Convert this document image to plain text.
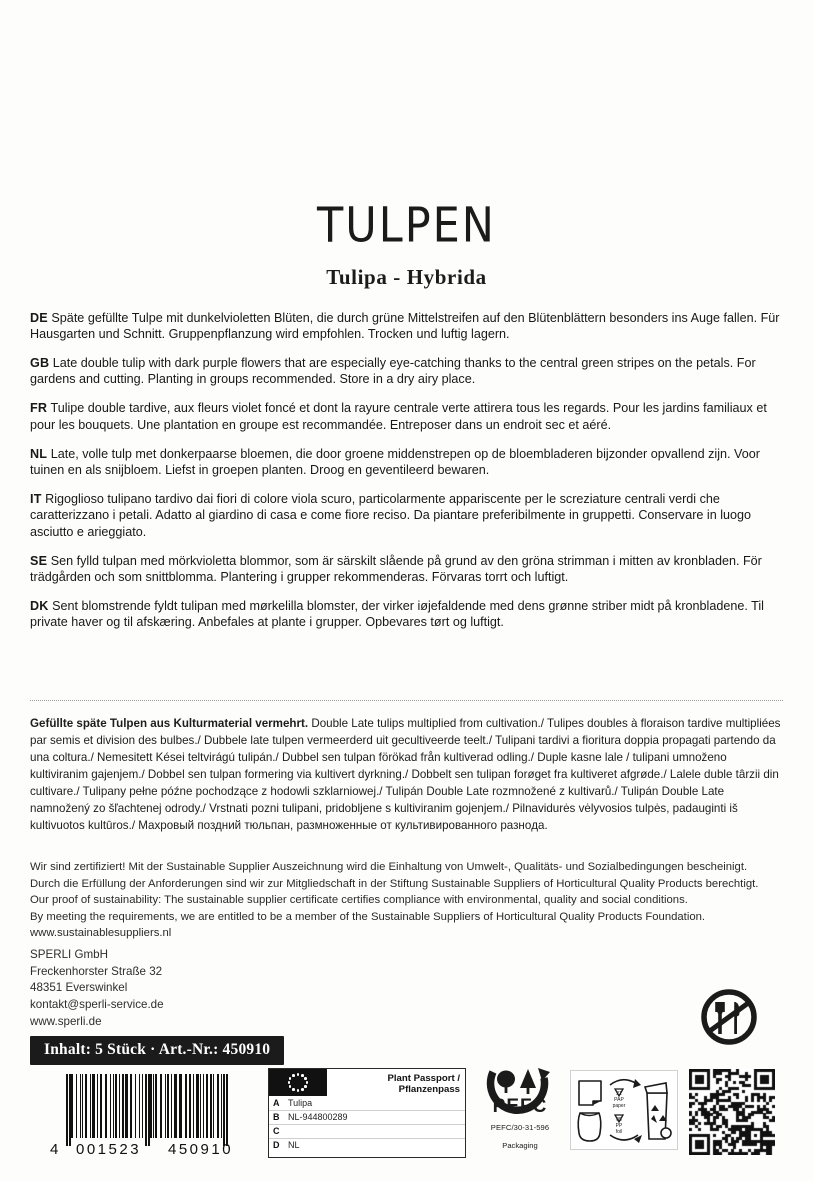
TULPEN
Tulipa - Hybrida

DE Späte gefüllte Tulpe mit dunkelvioletten Blüten, die durch grüne Mittelstreifen auf den Blütenblättern besonders ins Auge fallen. Für Hausgarten und Schnitt. Gruppenpflanzung wird empfohlen. Trocken und luftig lagern.

GB Late double tulip with dark purple flowers that are especially eye-catching thanks to the central green stripes on the petals. For gardens and cutting. Planting in groups recommended. Store in a dry airy place.

FR Tulipe double tardive, aux fleurs violet foncé et dont la rayure centrale verte attirera tous les regards. Pour les jardins familiaux et pour les bouquets. Une plantation en groupe est recommandée. Entreposer dans un endroit sec et aéré.

NL Late, volle tulp met donkerpaarse bloemen, die door groene middenstrepen op de bloembladeren bijzonder opvallend zijn. Voor tuinen en als snijbloem. Liefst in groepen planten. Droog en geventileerd bewaren.

IT Rigoglioso tulipano tardivo dai fiori di colore viola scuro, particolarmente appariscente per le screziature centrali verdi che caratterizzano i petali. Adatto al giardino di casa e come fiore reciso. Da piantare preferibilmente in gruppetti. Conservare in luogo asciutto e arieggiato.

SE Sen fylld tulpan med mörkvioletta blommor, som är särskilt slående på grund av den gröna strimman i mitten av kronbladen. För trädgården och som snittblomma. Plantering i grupper rekommenderas. Förvaras torrt och luftigt.

DK Sent blomstrende fyldt tulipan med mørkelilla blomster, der virker iøjefaldende med dens grønne striber midt på kronbladene. Til private haver og til afskæring. Anbefales at plante i grupper. Opbevares tørt og luftigt.

Gefüllte späte Tulpen aus Kulturmaterial vermehrt. Double Late tulips multiplied from cultivation./ Tulipes doubles à floraison tardive multipliées par semis et division des bulbes./ Dubbele late tulpen vermeerderd uit gecultiveerde teelt./ Tulipani tardivi a fioritura doppia propagati partendo da una coltura./ Nemesitett Kései teltvirágú tulipán./ Dubbel sen tulpan förökad från kultiverad odling./ Duple kasne lale / tulipani umnoženo kultiviranim gajenjem./ Dobbel sen tulpan formering via kultivert dyrkning./ Dobbelt sen tulipan forøget fra kultiveret afgrøde./ Lalele duble târzii din cultivare./ Tulipany pełne późne pochodzące z hodowli szklarniowej./ Tulipán Double Late rozmnožené z kultivarů./ Tulipán Double Late namnožený zo šľachtenej odrody./ Vrstnati pozni tulipani, pridobljene s kultiviranim gojenjem./ Pilnavidurės vėlyvosios tulpės, padauginti iš kultivuotos kultūros./ Махровый поздний тюльпан, размноженные от культивированного разнoда.
Wir sind zertifiziert! Mit der Sustainable Supplier Auszeichnung wird die Einhaltung von Umwelt-, Qualitäts- und Sozialbedingungen bescheinigt.
Durch die Erfüllung der Anforderungen sind wir zur Mitgliedschaft in der Stiftung Sustainable Suppliers of Horticultural Quality Products berechtigt.
Our proof of sustainability: The sustainable supplier certificate certifies compliance with environmental, quality and social conditions.
By meeting the requirements, we are entitled to be a member of the Sustainable Suppliers of Horticultural Quality Products Foundation.
www.sustainablesuppliers.nl
SPERLI GmbH
Freckenhorster Straße 32
48351 Everswinkel
kontakt@sperli-service.de
www.sperli.de
Inhalt: 5 Stück · Art.-Nr.: 450910
4 001523 450910
Plant Passport / Pflanzenpass
A Tulipa
B NL-944800289
C
D NL
PEFC
PEFC/30-31-596
Packaging
21
PAP
paper
05
PP
foil
